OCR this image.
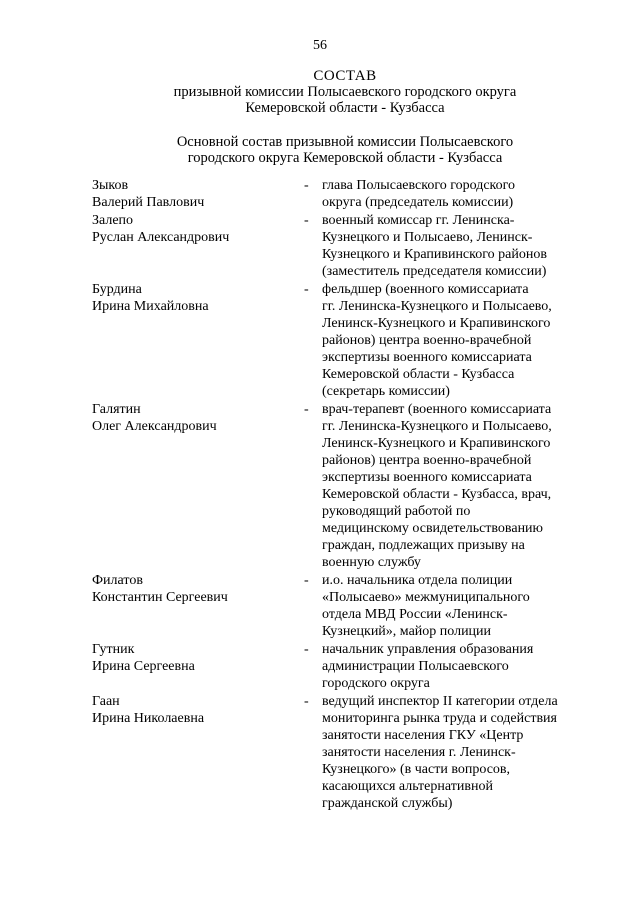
56
СОСТАВ
призывной комиссии Полысаевского городского округа
Кемеровской области - Кузбасса
Основной состав призывной комиссии Полысаевского
городского округа Кемеровской области - Кузбасса
Зыков
Валерий Павлович
- глава Полысаевского городского
округа (председатель комиссии)
Залепо
Руслан Александрович
- военный комиссар гг. Ленинска-
Кузнецкого и Полысаево, Ленинск-
Кузнецкого и Крапивинского районов
(заместитель председателя комиссии)
Бурдина
Ирина Михайловна
- фельдшер (военного комиссариата
гг. Ленинска-Кузнецкого и Полысаево,
Ленинск-Кузнецкого и Крапивинского
районов) центра военно-врачебной
экспертизы военного комиссариата
Кемеровской области - Кузбасса
(секретарь комиссии)
Галятин
Олег Александрович
- врач-терапевт (военного комиссариата
гг. Ленинска-Кузнецкого и Полысаево,
Ленинск-Кузнецкого и Крапивинского
районов) центра военно-врачебной
экспертизы военного комиссариата
Кемеровской области - Кузбасса, врач,
руководящий работой по
медицинскому освидетельствованию
граждан, подлежащих призыву на
военную службу
Филатов
Константин Сергеевич
- и.о. начальника отдела полиции
«Полысаево» межмуниципального
отдела МВД России «Ленинск-
Кузнецкий», майор полиции
Гутник
Ирина Сергеевна
- начальник управления образования
администрации Полысаевского
городского округа
Гаан
Ирина Николаевна
- ведущий инспектор II категории отдела
мониторинга рынка труда и содействия
занятости населения ГКУ «Центр
занятости населения г. Ленинск-
Кузнецкого» (в части вопросов,
касающихся альтернативной
гражданской службы)
